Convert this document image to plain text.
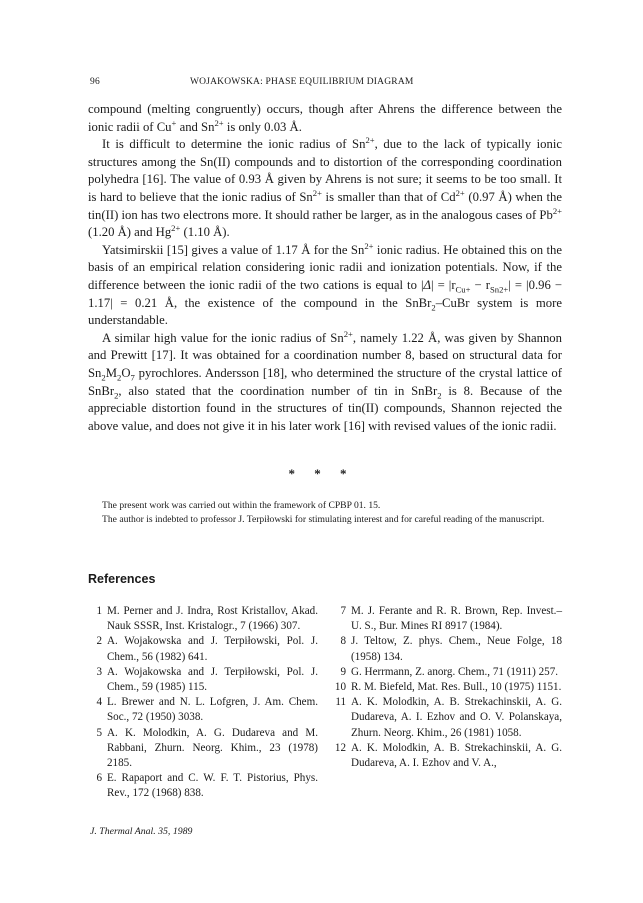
96	WOJAKOWSKA: PHASE EQUILIBRIUM DIAGRAM

compound (melting congruently) occurs, though after Ahrens the difference between the ionic radii of Cu+ and $Sn^{2+}$ is only 0.03 Å.

It is difficult to determine the ionic radius of $Sn^{2+}$, due to the lack of typically ionic structures among the Sn(II) compounds and to distortion of the corresponding coordination polyhedra [16]. The value of 0.93 Å given by Ahrens is not sure; it seems to be too small. It is hard to believe that the ionic radius of $Sn^{2+}$ is smaller than that of $Cd^{2+}$ (0.97 Å) when the tin(II) ion has two electrons more. It should rather be larger, as in the analogous cases of $Pb^{2+}$ (1.20 Å) and $Hg^{2+}$ (1.10 Å).

Yatsimirskii [15] gives a value of 1.17 Å for the $Sn^{2+}$ ionic radius. He obtained this on the basis of an empirical relation considering ionic radii and ionization potentials. Now, if the difference between the ionic radii of the two cations is equal to $|\Delta| = |r_{Cu+} - r_{Sn2+}| = |0.96 - 1.17| = 0.21$ Å, the existence of the compound in the SnBr$_2$–CuBr system is more understandable.

A similar high value for the ionic radius of $Sn^{2+}$, namely 1.22 Å, was given by Shannon and Prewitt [17]. It was obtained for a coordination number 8, based on structural data for $Sn_2M_2O_7$ pyrochlores. Andersson [18], who determined the structure of the crystal lattice of SnBr$_2$, also stated that the coordination number of tin in SnBr$_2$ is 8. Because of the appreciable distortion found in the structures of tin(II) compounds, Shannon rejected the above value, and does not give it in his later work [16] with revised values of the ionic radii.

* * *

The present work was carried out within the framework of CPBP 01. 15.

The author is indebted to professor J. Terpiłowski for stimulating interest and for careful reading of the manuscript.

References
1 M. Perner and J. Indra, Rost Kristallov, Akad. Nauk SSSR, Inst. Kristalogr., 7 (1966) 307.
2 A. Wojakowska and J. Terpiłowski, Pol. J. Chem., 56 (1982) 641.
3 A. Wojakowska and J. Terpiłowski, Pol. J. Chem., 59 (1985) 115.
4 L. Brewer and N. L. Lofgren, J. Am. Chem. Soc., 72 (1950) 3038.
5 A. K. Molodkin, A. G. Dudareva and M. Rabbani, Zhurn. Neorg. Khim., 23 (1978) 2185.
6 E. Rapaport and C. W. F. T. Pistorius, Phys. Rev., 172 (1968) 838.
7 M. J. Ferante and R. R. Brown, Rep. Invest.–U. S., Bur. Mines RI 8917 (1984).
8 J. Teltow, Z. phys. Chem., Neue Folge, 18 (1958) 134.
9 G. Herrmann, Z. anorg. Chem., 71 (1911) 257.
10 R. M. Biefeld, Mat. Res. Bull., 10 (1975) 1151.
11 A. K. Molodkin, A. B. Strekachinskii, A. G. Dudareva, A. I. Ezhov and O. V. Polanskaya, Zhurn. Neorg. Khim., 26 (1981) 1058.
12 A. K. Molodkin, A. B. Strekachinskii, A. G. Dudareva, A. I. Ezhov and V. A.,
J. Thermal Anal. 35, 1989
